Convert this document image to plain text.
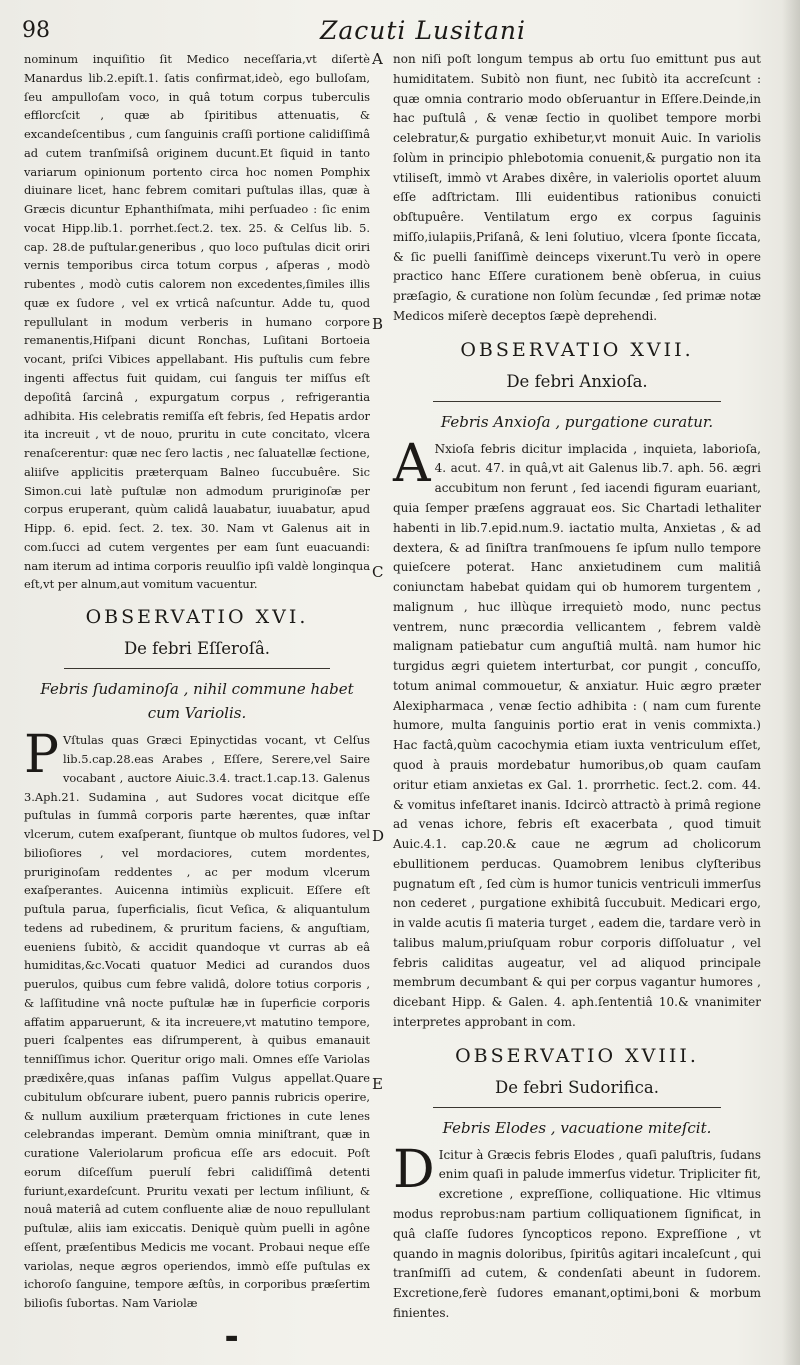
98	Zacuti Lusitani
A
B
C
D
E

nominum inquiſitio ſit Medico neceſſaria,vt diſertè Manardus lib.2.epiſt.1. ſatis confirmat,ideò, ego bulloſam, ſeu ampulloſam voco, in quâ totum corpus tuberculis efflorcſcit , quæ ab ſpiritibus attenuatis, & excandeſcentibus , cum ſanguinis craſſi portione calidiſſimâ ad cutem tranſmiſsâ originem ducunt.Et ſiquid in tanto variarum opinionum portento circa hoc nomen Pomphix diuinare licet, hanc febrem comitari puſtulas illas, quæ à Græcis dicuntur Ephanthiſmata, mihi perſuadeo : ſic enim vocat Hipp.lib.1. porrhet.ſect.2. tex. 25. & Celſus lib. 5. cap. 28.de puſtular.generibus , quo loco puſtulas dicit oriri vernis temporibus circa totum corpus , aſperas , modò rubentes , modò cutis calorem non excedentes,ſimiles illis quæ ex ſudore , vel ex vrticâ naſcuntur. Adde tu, quod repullulant in modum verberis in humano corpore remanentis,Hiſpani dicunt Ronchas, Luſitani Bortoeia vocant, priſci Vibices appellabant. His puſtulis cum febre ingenti affectus fuit quidam, cui ſanguis ter miſſus eſt depoſitâ ſarcinâ , expurgatum corpus , refrigerantia adhibita. His celebratis remiſſa eſt febris, ſed Hepatis ardor ita increuit , vt de nouo, pruritu in cute concitato, vlcera renaſcerentur: quæ nec ſero lactis , nec ſaluatellæ ſectione, aliiſve applicitis præterquam Balneo ſuccubuêre. Sic Simon.cui latè puſtulæ non admodum pruriginoſæ per corpus eruperant, quùm calidâ lauabatur, iuuabatur, apud Hipp. 6. epid. ſect. 2. tex. 30. Nam vt Galenus ait in com.ſucci ad cutem vergentes per eam ſunt euacuandi: nam iterum ad intima corporis reuulſio ipſi valdè longinqua eſt,vt per alnum,aut vomitum vacuentur.

OBSERVATIO XVI.
De febri Eſſeroſâ.
Febris ſudaminoſa , nihil commune habet cum Variolis.

P Vſtulas quas Græci Epinyctidas vocant, vt Celſus lib.5.cap.28.eas Arabes , Eſſere, Serere,vel Saire vocabant , auctore Aiuic.3.4. tract.1.cap.13. Galenus 3.Aph.21. Sudamina , aut Sudores vocat dicitque eſſe puſtulas in ſummâ corporis parte hærentes, quæ inſtar vlcerum, cutem exaſperant, ſiuntque ob multos ſudores, vel bilioſiores , vel mordaciores, cutem mordentes, pruriginoſam reddentes , ac per modum vlcerum exaſperantes. Auicenna intimiùs explicuit. Eſſere eſt puſtula parua, ſuperficialis, ſicut Veſica, & aliquantulum tedens ad rubedinem, & pruritum faciens, & anguſtiam, eueniens ſubitò, & accidit quandoque vt curras ab eâ humiditas,&c.Vocati quatuor Medici ad curandos duos puerulos, quibus cum febre validâ, dolore totius corporis , & laſſitudine vnâ nocte puſtulæ hæ in ſuperficie corporis affatim apparuerunt, & ita increuere,vt matutino tempore, pueri ſcalpentes eas diſrumperent, à quibus emanauit tenniſſimus ichor. Queritur origo mali. Omnes eſſe Variolas prædixêre,quas inſanas paſſim Vulgus appellat.Quare cubitulum obſcurare iubent, puero pannis rubricis operire, & nullum auxilium præterquam frictiones in cute lenes celebrandas imperant. Demùm omnia miniſtrant, quæ in curatione Valeriolarum proficua eſſe ars edocuit. Poſt eorum diſceſſum puerulí febri calidiſſimâ detenti furiunt,exardeſcunt. Pruritu vexati per lectum inſiliunt, & nouâ materiâ ad cutem confluente aliæ de nouo repullulant puſtulæ, aliis iam exiccatis. Deniquè quùm puelli in agône eſſent, præſentibus Medicis me vocant. Probaui neque eſſe variolas, neque ægros operiendos, immò eſſe puſtulas ex ichoroſo ſanguine, tempore æſtûs, in corporibus præſertim bilioſis ſubortas. Nam Variolæ

non niſi poſt longum tempus ab ortu ſuo emittunt pus aut humiditatem. Subitò non fiunt, nec ſubitò ita accreſcunt : quæ omnia contrario modo obſeruantur in Eſſere.Deinde,in hac puſtulâ , & venæ ſectio in quolibet tempore morbi celebratur,& purgatio exhibetur,vt monuit Auic. In variolis ſolùm in principio phlebotomia conuenit,& purgatio non ita vtiliseſt, immò vt Arabes dixêre, in valeriolis oportet aluum eſſe adſtrictam. Illi euidentibus rationibus conuicti obſtupuêre. Ventilatum ergo ex corpus ſaguinis miſſo,iulapiis,Priſanâ, & leni ſolutiuo, vlcera ſponte ſiccata, & ſic puelli ſaniſſimè deinceps vixerunt.Tu verò in opere practico hanc Eſſere curationem benè obſerua, in cuius præſagio, & curatione non ſolùm ſecundæ , ſed primæ notæ Medicos miſerè deceptos ſæpè deprehendi.

OBSERVATIO XVII.
De febri Anxioſa.
Febris Anxioſa , purgatione curatur.

A Nxioſa febris dicitur implacida , inquieta, laborioſa, 4. acut. 47. in quâ,vt ait Galenus lib.7. aph. 56. ægri accubitum non ferunt , ſed iacendi figuram euariant, quia ſemper præſens aggrauat eos. Sic Chartadi lethaliter habenti in lib.7.epid.num.9. iactatio multa, Anxietas , & ad dextera, & ad ſiniſtra tranſmouens ſe ipſum nullo tempore quieſcere poterat. Hanc anxietudinem cum malitiâ coniunctam habebat quidam qui ob humorem turgentem , malignum , huc illùque irrequietò modo, nunc pectus ventrem, nunc præcordia vellicantem , febrem valdè malignam patiebatur cum anguſtiâ multâ. nam humor hic turgidus ægri quietem interturbat, cor pungit , concuſſo, totum animal commouetur, & anxiatur. Huic ægro præter Alexipharmaca , venæ ſectio adhibita : ( nam cum furente humore, multa ſanguinis portio erat in venis commixta.) Hac factâ,quùm cacochymia etiam iuxta ventriculum eſſet, quod à prauis mordebatur humoribus,ob quam cauſam oritur etiam anxietas ex Gal. 1. prorrhetic. ſect.2. com. 44. & vomitus infeſtaret inanis. Idcircò attractò à primâ regione ad venas ichore, febris eſt exacerbata , quod timuit Auic.4.1. cap.20.& caue ne ægrum ad cholicorum ebullitionem perducas. Quamobrem lenibus clyſteribus pugnatum eſt , ſed cùm is humor tunicis ventriculi immerſus non cederet , purgatione exhibitâ ſuccubuit. Medicari ergo, in valde acutis ſi materia turget , eadem die, tardare verò in talibus malum,priuſquam robur corporis diſſoluatur , vel febris caliditas augeatur, vel ad aliquod principale membrum decumbant & qui per corpus vagantur humores , dicebant Hipp. & Galen. 4. aph.ſententiâ 10.& vnanimiter interpretes approbant in com.

OBSERVATIO XVIII.
De febri Sudorifica.
Febris Elodes , vacuatione miteſcit.

D Icitur à Græcis febris Elodes , quaſi paluſtris, ſudans enim quaſi in palude immerſus videtur. Tripliciter fit, excretione , expreſſione, colliquatione. Hic vltimus modus reprobus:nam partium colliquationem ſignificat, in quâ claſſe ſudores ſyncopticos repono. Expreſſione , vt quando in magnis doloribus, ſpiritûs agitari incaleſcunt , qui tranſmiſſi ad cutem, & condenſati abeunt in ſudorem. Excretione,ferè ſudores emanant,optimi,boni & morbum finientes.

▬
